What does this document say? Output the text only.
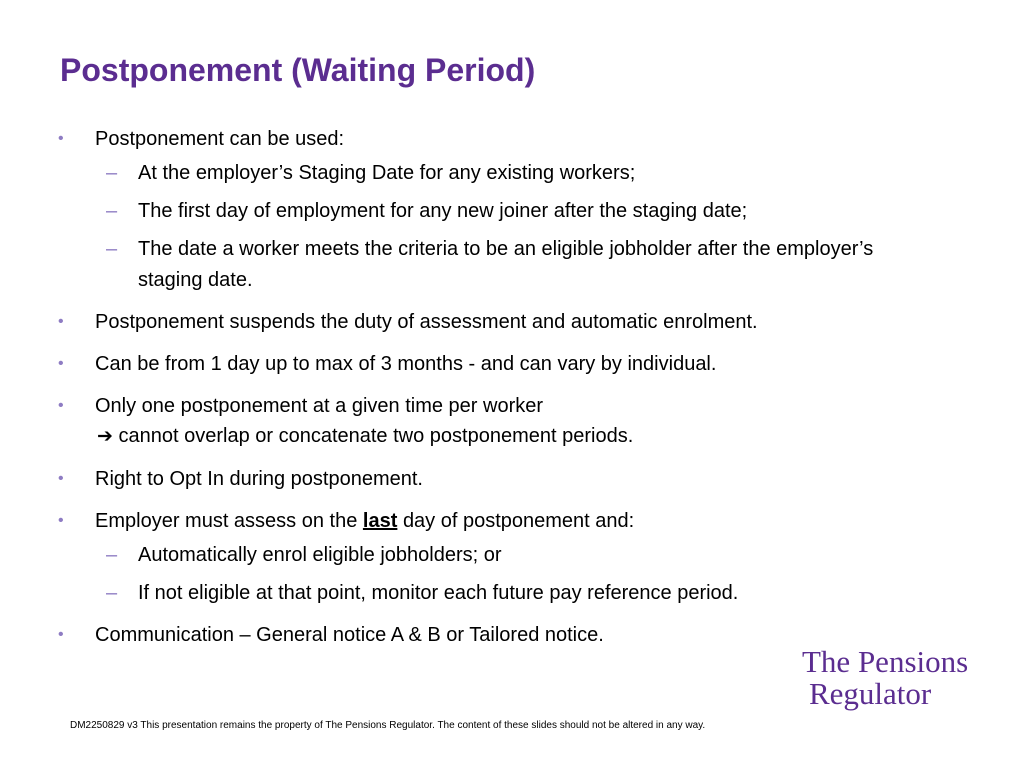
Postponement (Waiting Period)
• Postponement can be used:
– At the employer’s Staging Date for any existing workers;
– The first day of employment for any new joiner after the staging date;
– The date a worker meets the criteria to be an eligible jobholder after the employer’s staging date.
• Postponement suspends the duty of assessment and automatic enrolment.
• Can be from 1 day up to max of 3 months - and can vary by individual.
• Only one postponement at a given time per worker
➔ cannot overlap or concatenate two postponement periods.
• Right to Opt In during postponement.
• Employer must assess on the last day of postponement and:
– Automatically enrol eligible jobholders; or
– If not eligible at that point, monitor each future pay reference period.
• Communication – General notice A & B or Tailored notice.
The Pensions
Regulator
DM2250829 v3 This presentation remains the property of The Pensions Regulator. The content of these slides should not be altered in any way.
